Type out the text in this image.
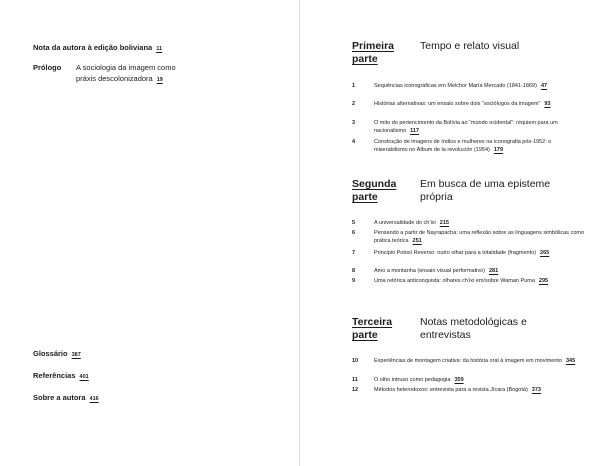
Nota da autora à edição boliviana 11
Prólogo A sociologia da imagem como práxis descolonizadora 19
Glossário 387
Referências 401
Sobre a autora 416
Primeira parte
Tempo e relato visual
1	Sequências iconográficas em Melchor María Mercado (1841-1869) 47
2	Histórias alternativas: um ensaio sobre dois “sociólogos da imagem” 93
3	O mito do pertencimento da Bolívia ao “mundo ocidental”: réquiem para um nacionalismo 117
4	Construção de imagens de índios e mulheres na iconografia pós-1952: o miserabilismo no Álbum de la revolución (1954) 179
Segunda parte
Em busca de uma episteme própria
5	A universalidade do ch’ixi 215
6	Pensando a partir de Nayrapacha: uma reflexão sobre as linguagens simbólicas como prática teórica 251
7	Principio Potosí Reverso: outro olhar para a totalidade (fragmento) 265
8	Amo a montanha (ensaio visual performativo) 281
9	Uma retórica anticonquista: olhares ch’ixi em/sobre Waman Puma 295
Terceira parte
Notas metodológicas e entrevistas
10	Experiências de montagem criativa: da história oral à imagem em movimento 345
11	O olho intruso como pedagogia 359
12	Métodos heterodoxos: entrevista para a revista Jícara (Bogotá) 373
